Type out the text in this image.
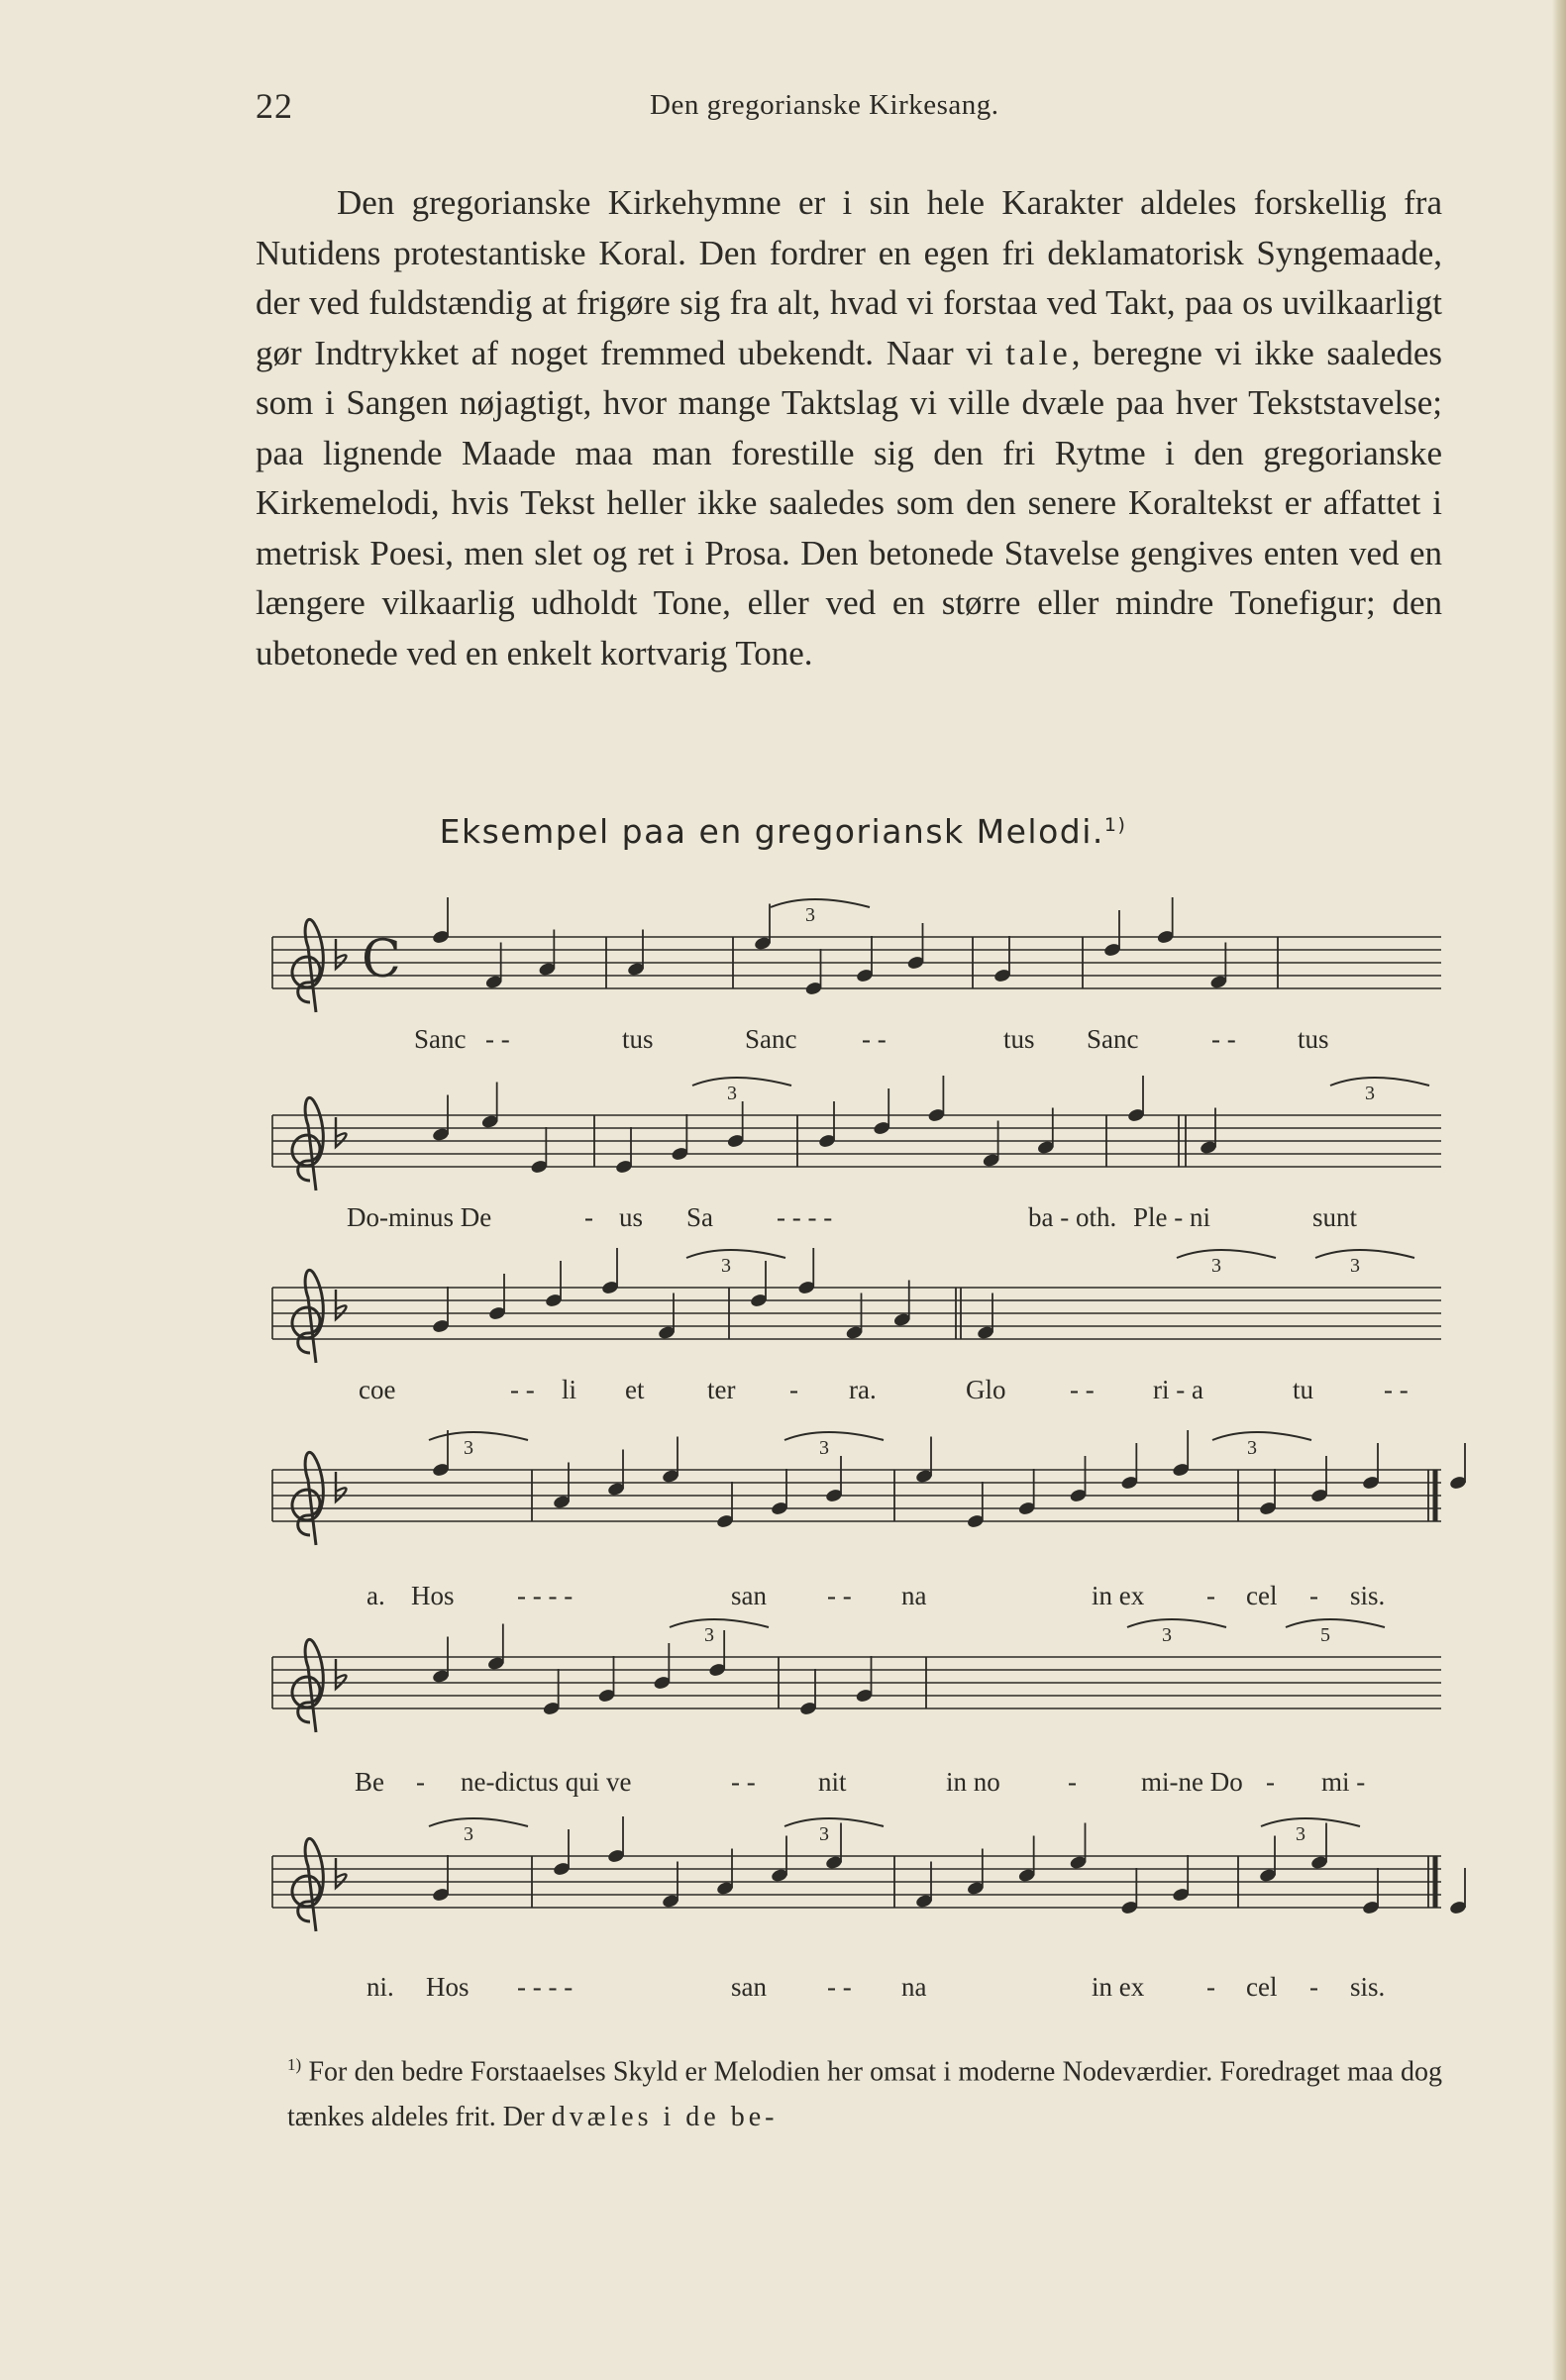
22	Den gregorianske Kirkesang.

Den gregorianske Kirkehymne er i sin hele Karakter aldeles forskellig fra Nutidens protestantiske Koral. Den fordrer en egen fri deklamatorisk Syngemaade, der ved fuldstændig at frigøre sig fra alt, hvad vi forstaa ved Takt, paa os uvilkaarligt gør Indtrykket af noget fremmed ubekendt. Naar vi tale, beregne vi ikke saaledes som i Sangen nøjagtigt, hvor mange Taktslag vi ville dvæle paa hver Tekststavelse; paa lignende Maade maa man forestille sig den fri Rytme i den gregorianske Kirkemelodi, hvis Tekst heller ikke saaledes som den senere Koraltekst er affattet i metrisk Poesi, men slet og ret i Prosa. Den betonede Stavelse gengives enten ved en længere vilkaarlig udholdt Tone, eller ved en større eller mindre Tonefigur; den ubetonede ved en enkelt kortvarig Tone.

Eksempel paa en gregoriansk Melodi.$^{1)}$
C
3
Sanc - -	tus	Sanc - -	tus Sanc	- - tus
3	3
Do-minus De	- us Sa - - - -	ba - oth. Ple - ni	sunt
3	3	3
coe	- - li et ter - ra.	Glo - - ri - a	tu	- -
3	3	3
a. Hos - - - -	san - - na	in ex - cel - sis.
3	3	5
Be - ne-dictus qui ve	- - nit	in no	- mi-ne Do - mi -
3	3	3
ni. Hos - - - -	san - - na	in ex - cel - sis.
$^{1)}$ For den bedre Forstaaelses Skyld er Melodien her omsat i moderne Nodeværdier. Foredraget maa dog tænkes aldeles frit. Der dvæles i de be-
